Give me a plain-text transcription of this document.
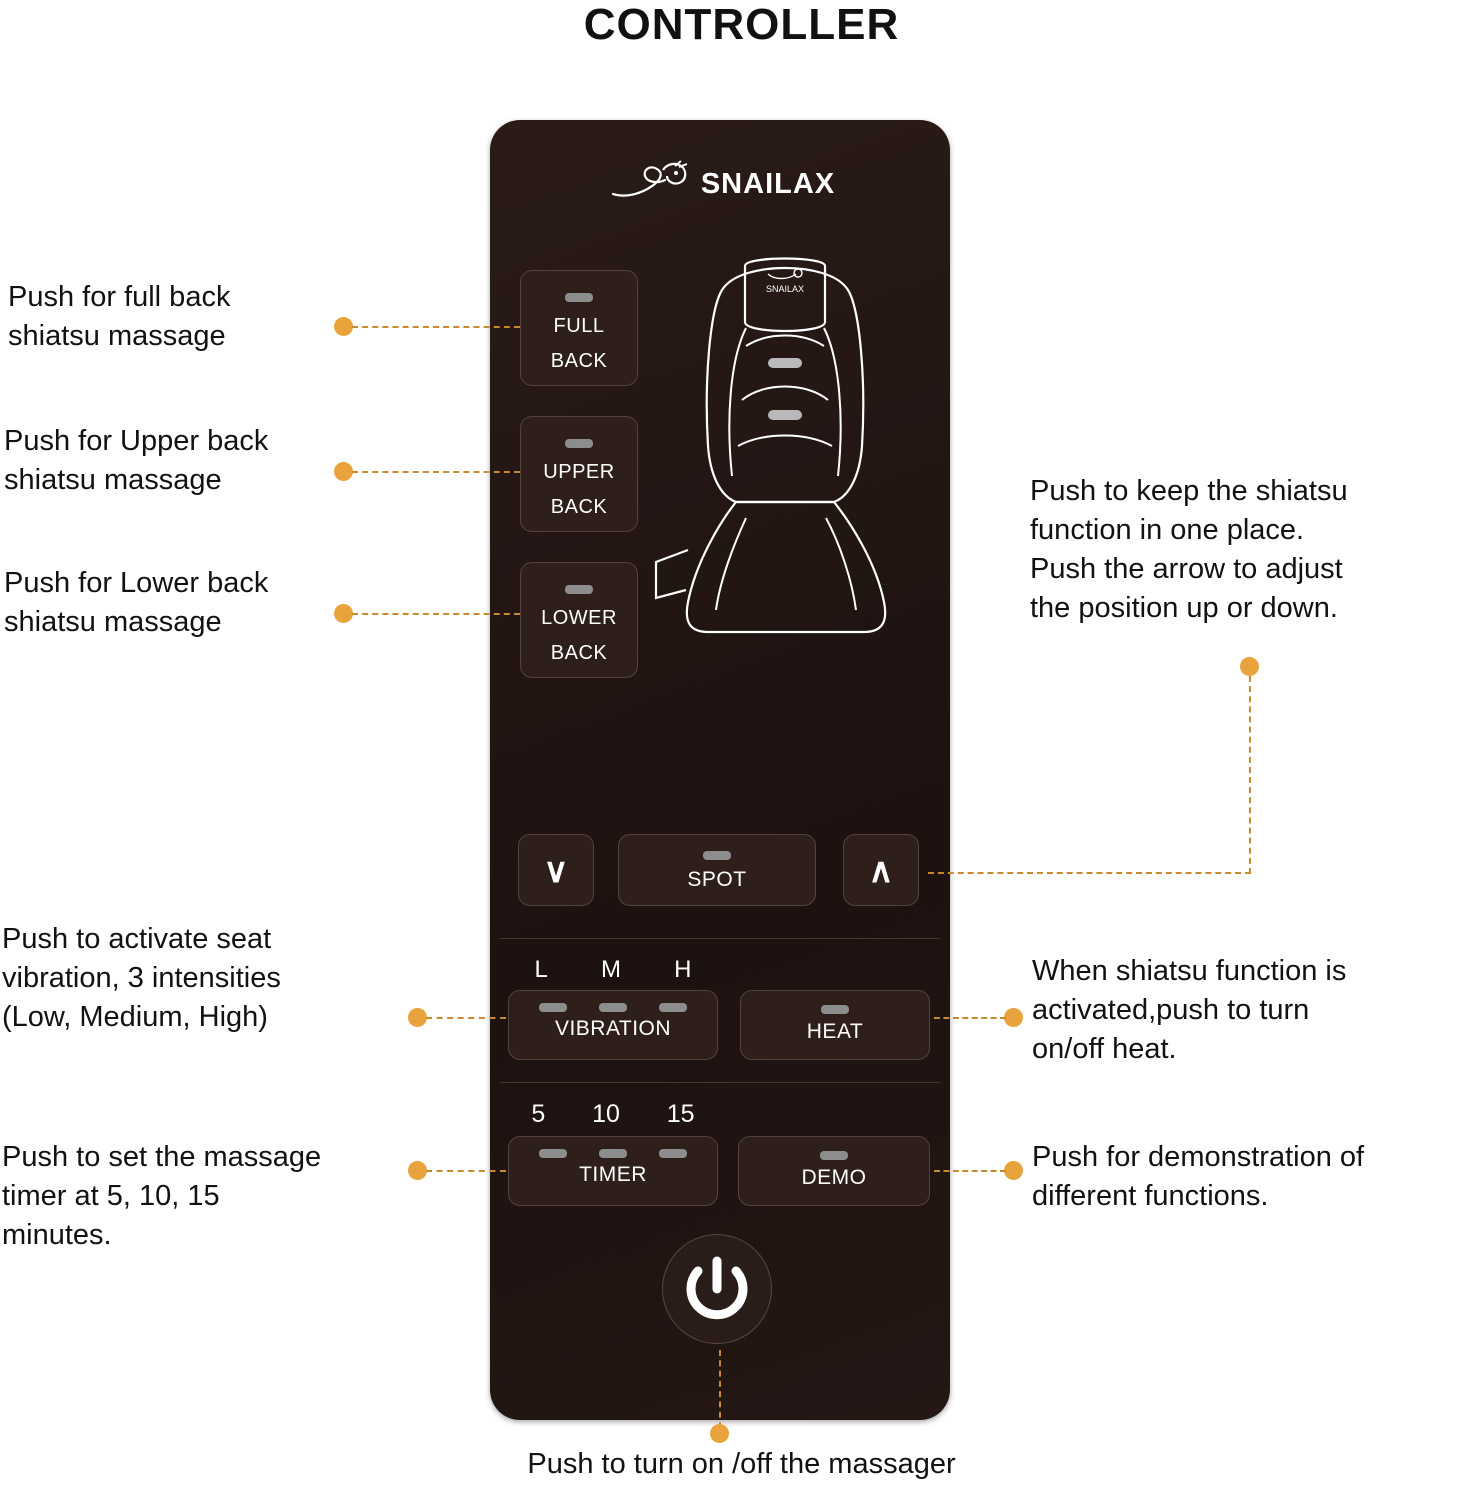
CONTROLLER
SNAILAX
SNAILAX
FULL
BACK
UPPER
BACK
LOWER
BACK
∨	SPOT	∧
L M H
VIBRATION	HEAT
5 10 15
TIMER	DEMO
Push for full back
shiatsu massage
Push for Upper back
shiatsu massage
Push for Lower back
shiatsu massage
Push to activate seat
vibration, 3 intensities
(Low, Medium, High)
Push to set the massage
timer at 5, 10, 15
minutes.
Push to keep the shiatsu
function in one place.
Push the arrow to adjust
the position up or down.
When shiatsu function is
activated,push to turn
on/off heat.
Push for demonstration of
different functions.
Push to turn on /off the massager
